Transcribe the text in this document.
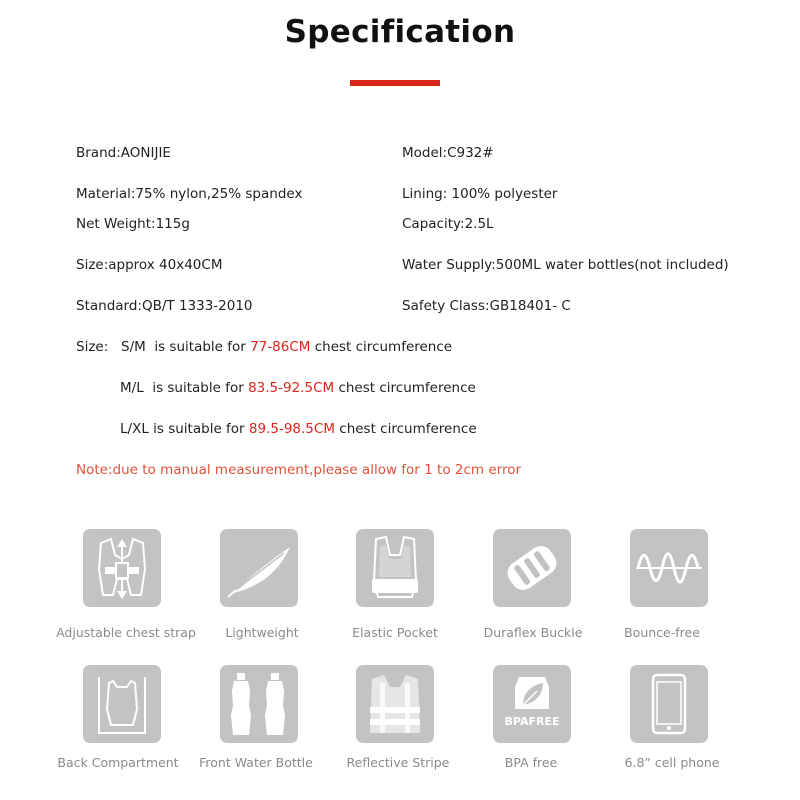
Specification
Brand:AONIJIE	Model:C932#
Material:75% nylon,25% spandex	Lining: 100% polyester
Net Weight:115g	Capacity:2.5L
Size:approx 40x40CM	Water Supply:500ML water bottles(not included)
Standard:QB/T 1333-2010	Safety Class:GB18401- C
Size: S/M is suitable for 77-86CM chest circumference
M/L is suitable for 83.5-92.5CM chest circumference
L/XL is suitable for 89.5-98.5CM chest circumference
Note:due to manual measurement,please allow for 1 to 2cm error
Adjustable chest strap	Lightweight	Elastic Pocket	Duraflex Buckle	Bounce-free
BPAFREE
Back Compartment	Front Water Bottle	Reflective Stripe	BPA free	6.8” cell phone
